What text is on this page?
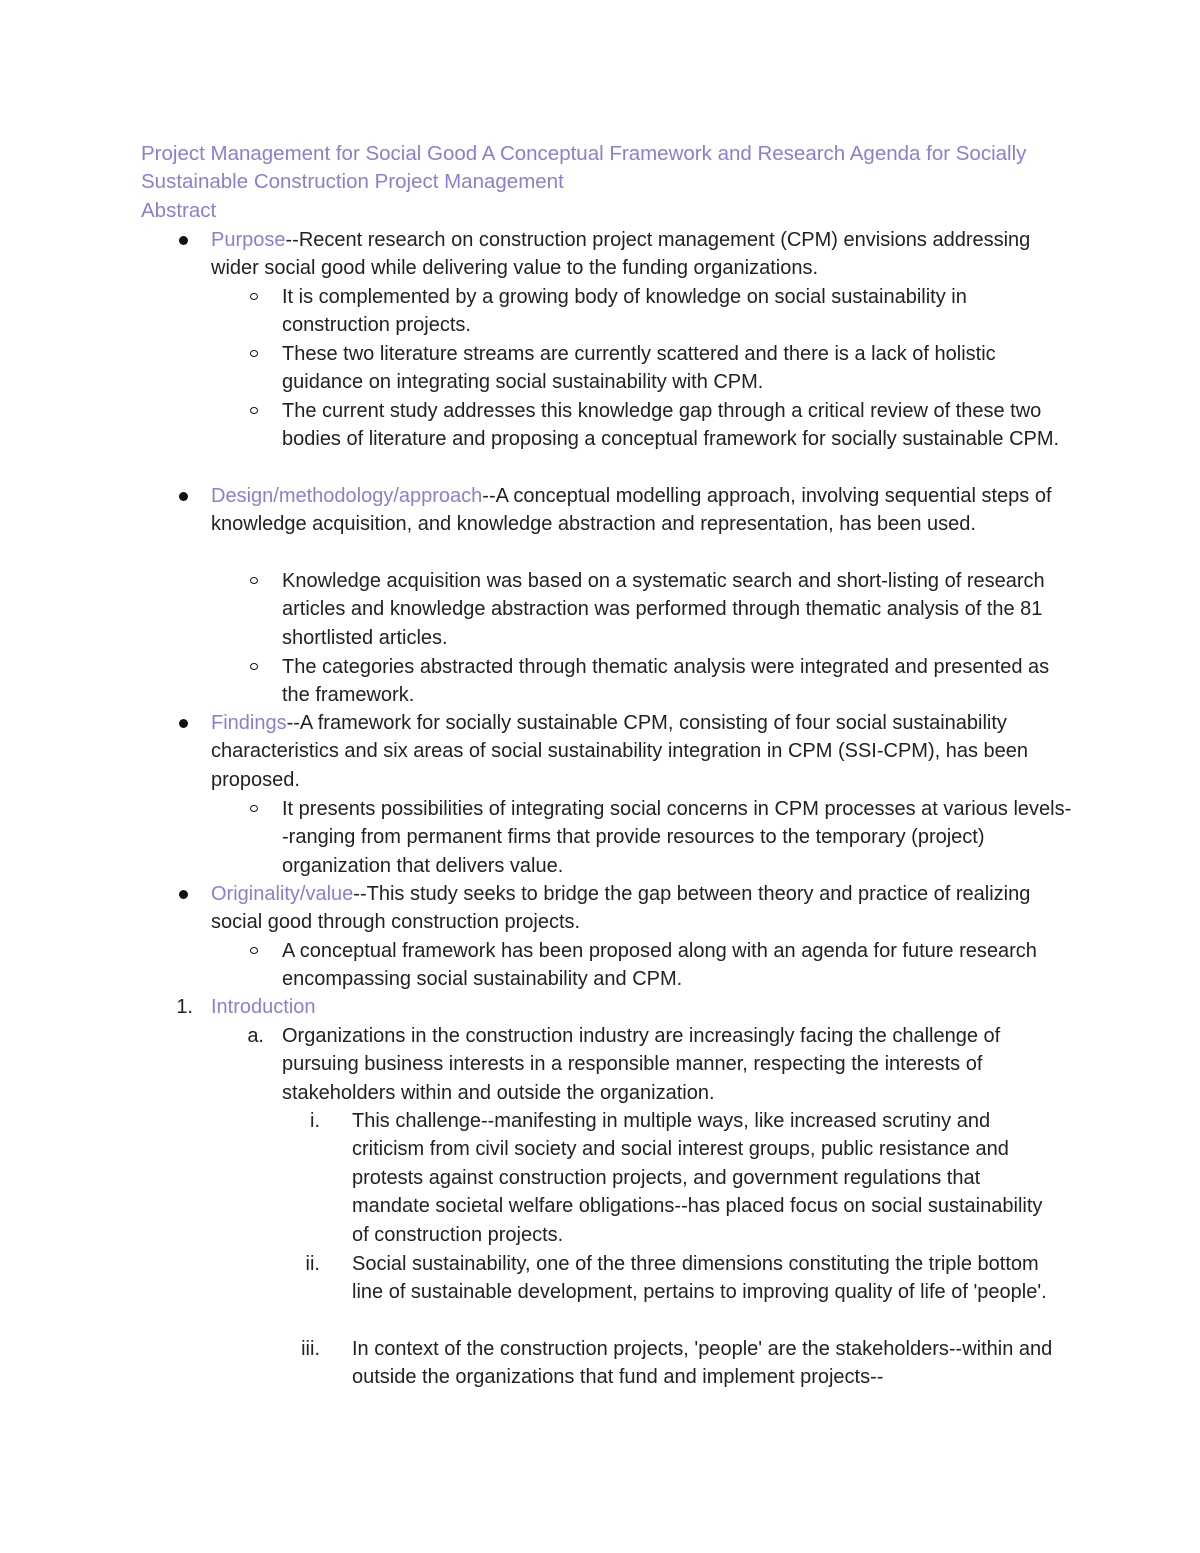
Project Management for Social Good A Conceptual Framework and Research Agenda for Socially Sustainable Construction Project Management
Abstract
Purpose--Recent research on construction project management (CPM) envisions addressing wider social good while delivering value to the funding organizations.
It is complemented by a growing body of knowledge on social sustainability in construction projects.
These two literature streams are currently scattered and there is a lack of holistic guidance on integrating social sustainability with CPM.
The current study addresses this knowledge gap through a critical review of these two bodies of literature and proposing a conceptual framework for socially sustainable CPM.
Design/methodology/approach--A conceptual modelling approach, involving sequential steps of knowledge acquisition, and knowledge abstraction and representation, has been used.
Knowledge acquisition was based on a systematic search and short-listing of research articles and knowledge abstraction was performed through thematic analysis of the 81 shortlisted articles.
The categories abstracted through thematic analysis were integrated and presented as the framework.
Findings--A framework for socially sustainable CPM, consisting of four social sustainability characteristics and six areas of social sustainability integration in CPM (SSI-CPM), has been proposed.
It presents possibilities of integrating social concerns in CPM processes at various levels--ranging from permanent firms that provide resources to the temporary (project) organization that delivers value.
Originality/value--This study seeks to bridge the gap between theory and practice of realizing social good through construction projects.
A conceptual framework has been proposed along with an agenda for future research encompassing social sustainability and CPM.
1. Introduction
a. Organizations in the construction industry are increasingly facing the challenge of pursuing business interests in a responsible manner, respecting the interests of stakeholders within and outside the organization.
i. This challenge--manifesting in multiple ways, like increased scrutiny and criticism from civil society and social interest groups, public resistance and protests against construction projects, and government regulations that mandate societal welfare obligations--has placed focus on social sustainability of construction projects.
ii. Social sustainability, one of the three dimensions constituting the triple bottom line of sustainable development, pertains to improving quality of life of 'people'.
iii. In context of the construction projects, 'people' are the stakeholders--within and outside the organizations that fund and implement projects--
